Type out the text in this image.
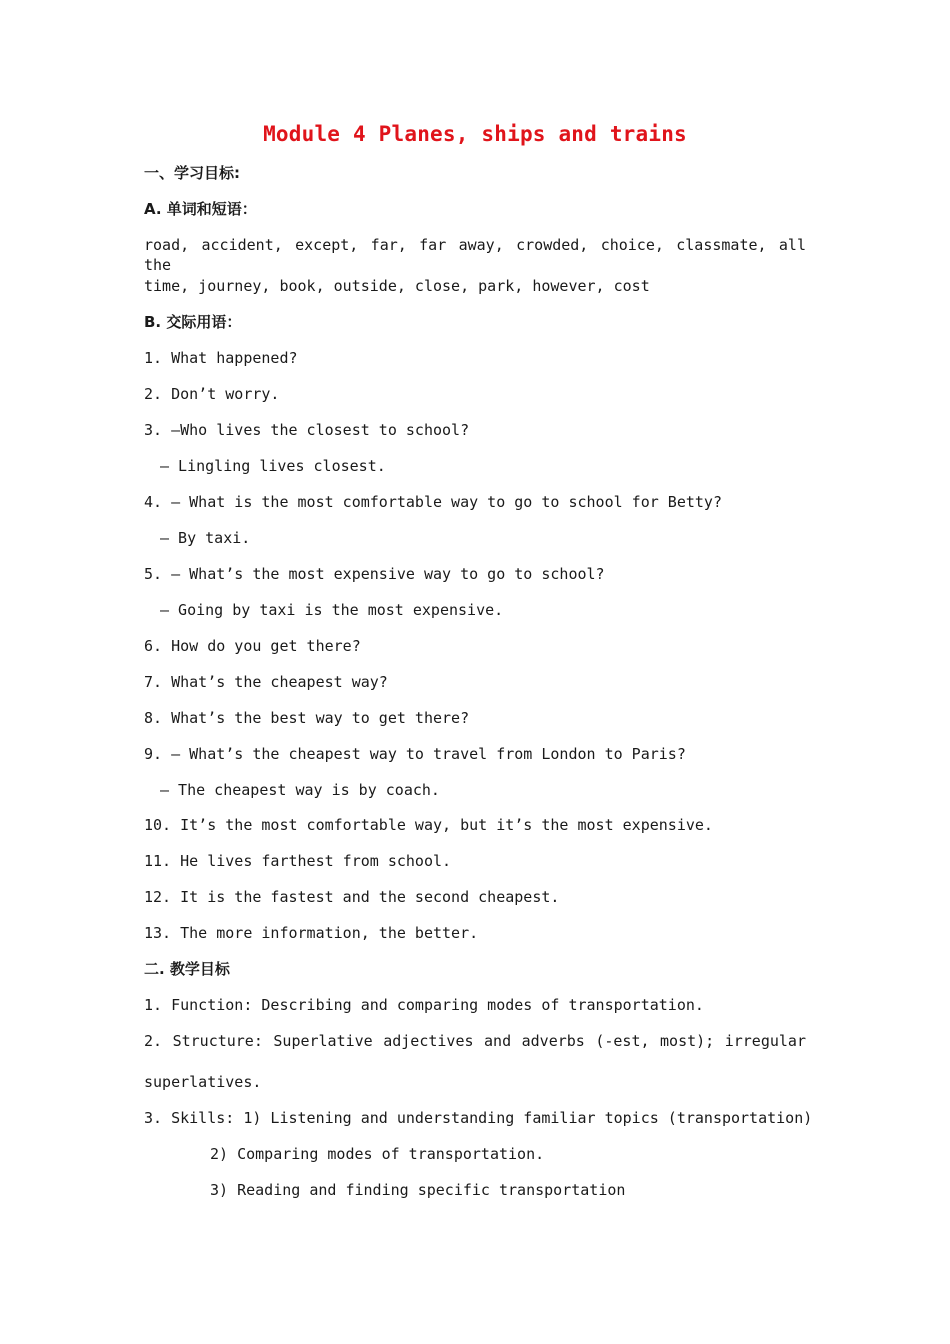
Module 4 Planes, ships and trains
一、学习目标:
A. 单词和短语：
road, accident, except, far, far away, crowded, choice, classmate, all the
time, journey, book, outside, close, park, however, cost
B. 交际用语：
1. What happened?
2. Don’t worry.
3. —Who lives the closest to school?
— Lingling lives closest.
4. — What is the most comfortable way to go to school for Betty?
— By taxi.
5. — What’s the most expensive way to go to school?
— Going by taxi is the most expensive.
6. How do you get there?
7. What’s the cheapest way?
8. What’s the best way to get there?
9. — What’s the cheapest way to travel from London to Paris?
— The cheapest way is by coach.
10. It’s the most comfortable way, but it’s the most expensive.
11. He lives farthest from school.
12. It is the fastest and the second cheapest.
13. The more information, the better.
二. 教学目标
1. Function: Describing and comparing modes of transportation.
2. Structure: Superlative adjectives and adverbs (-est, most); irregular
superlatives.
3. Skills: 1) Listening and understanding familiar topics (transportation)
2) Comparing modes of transportation.
3) Reading and finding specific transportation
